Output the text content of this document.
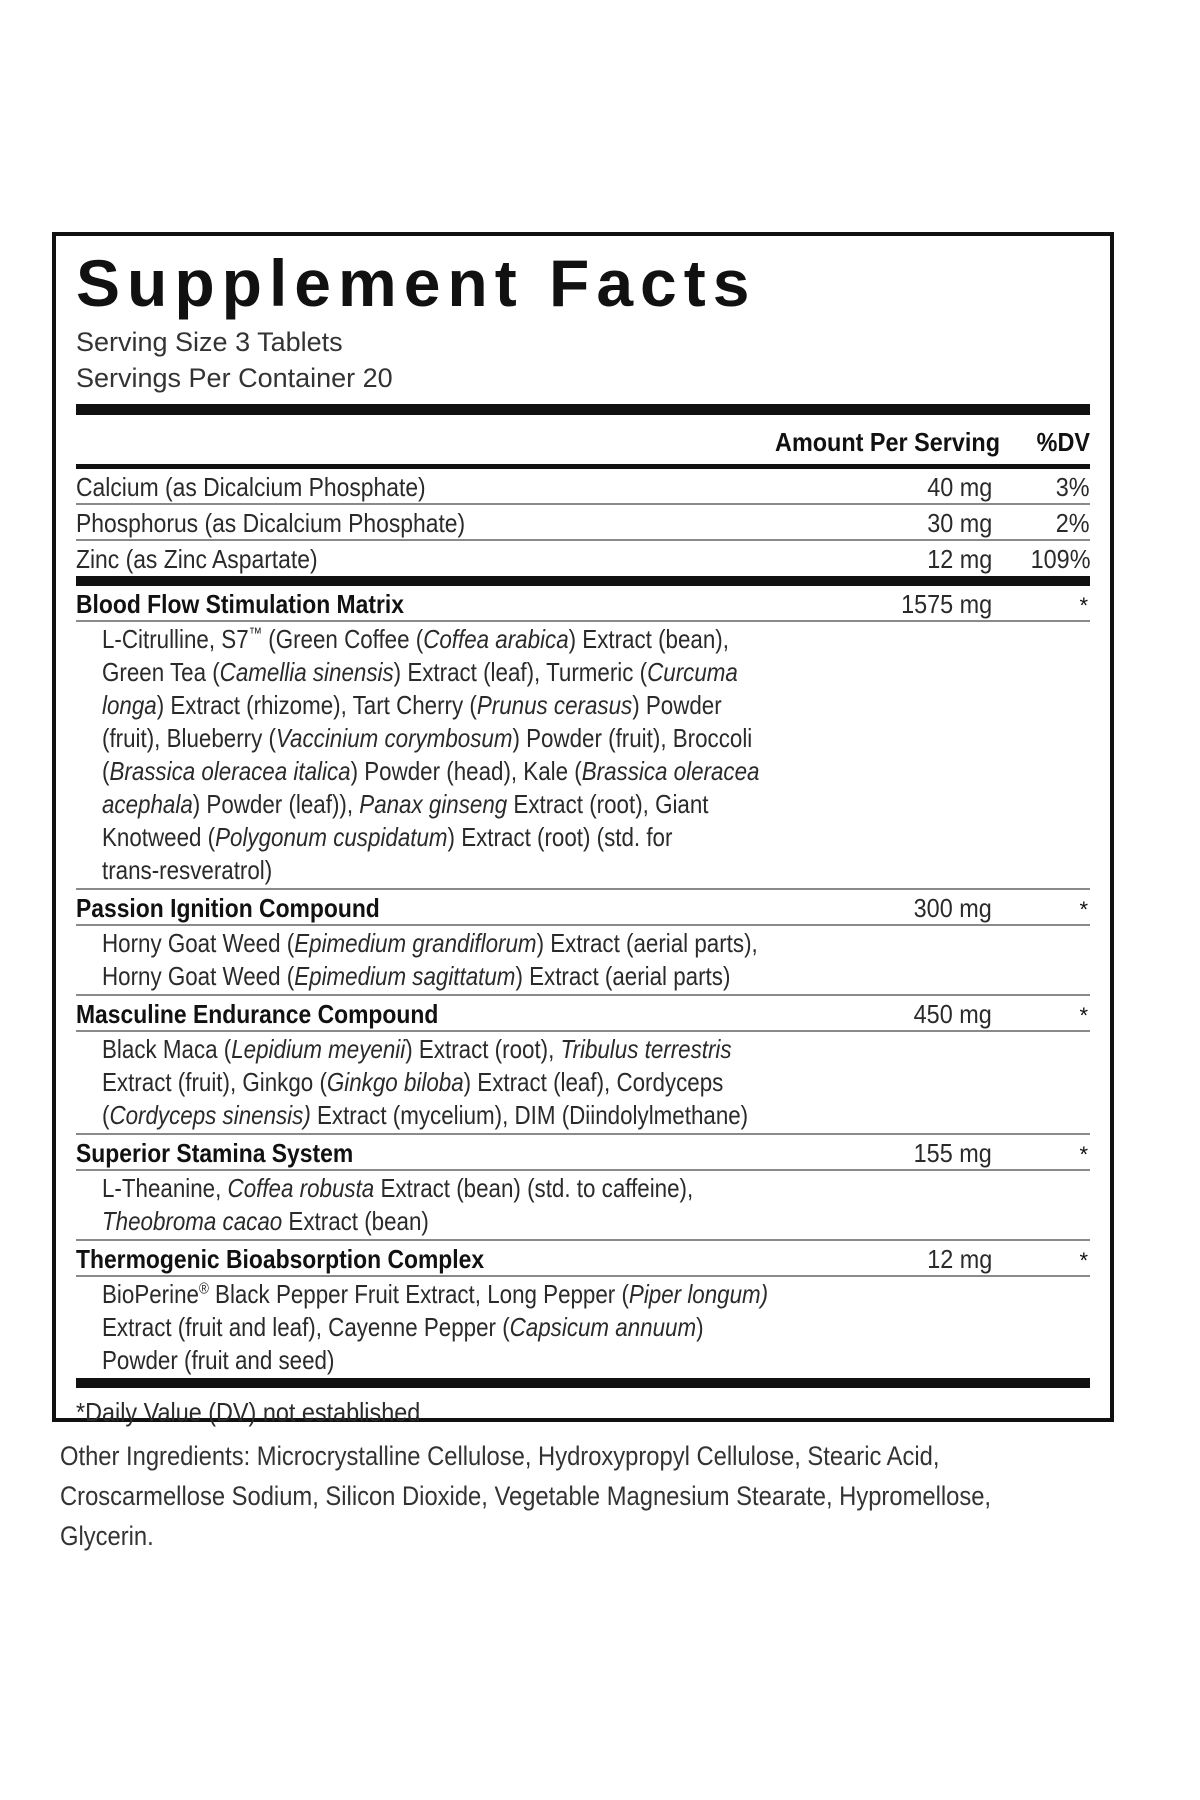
Supplement Facts
Serving Size 3 Tablets
Servings Per Container 20
Amount Per Serving %DV
Calcium (as Dicalcium Phosphate)	40 mg 3%
Phosphorus (as Dicalcium Phosphate)	30 mg 2%
Zinc (as Zinc Aspartate)	12 mg 109%
Blood Flow Stimulation Matrix	1575 mg	*
L-Citrulline, S7™ (Green Coffee (Coffea arabica) Extract (bean),
Green Tea (Camellia sinensis) Extract (leaf), Turmeric (Curcuma
longa) Extract (rhizome), Tart Cherry (Prunus cerasus) Powder
(fruit), Blueberry (Vaccinium corymbosum) Powder (fruit), Broccoli
(Brassica oleracea italica) Powder (head), Kale (Brassica oleracea
acephala) Powder (leaf)), Panax ginseng Extract (root), Giant
Knotweed (Polygonum cuspidatum) Extract (root) (std. for
trans-resveratrol)
Passion Ignition Compound	300 mg	*
Horny Goat Weed (Epimedium grandiflorum) Extract (aerial parts),
Horny Goat Weed (Epimedium sagittatum) Extract (aerial parts)
Masculine Endurance Compound	450 mg	*
Black Maca (Lepidium meyenii) Extract (root), Tribulus terrestris
Extract (fruit), Ginkgo (Ginkgo biloba) Extract (leaf), Cordyceps
(Cordyceps sinensis) Extract (mycelium), DIM (Diindolylmethane)
Superior Stamina System	155 mg	*
L-Theanine, Coffea robusta Extract (bean) (std. to caffeine),
Theobroma cacao Extract (bean)
Thermogenic Bioabsorption Complex	12 mg	*
BioPerine® Black Pepper Fruit Extract, Long Pepper (Piper longum)
Extract (fruit and leaf), Cayenne Pepper (Capsicum annuum)
Powder (fruit and seed)
*Daily Value (DV) not established
Other Ingredients: Microcrystalline Cellulose, Hydroxypropyl Cellulose, Stearic Acid,
Croscarmellose Sodium, Silicon Dioxide, Vegetable Magnesium Stearate, Hypromellose,
Glycerin.
